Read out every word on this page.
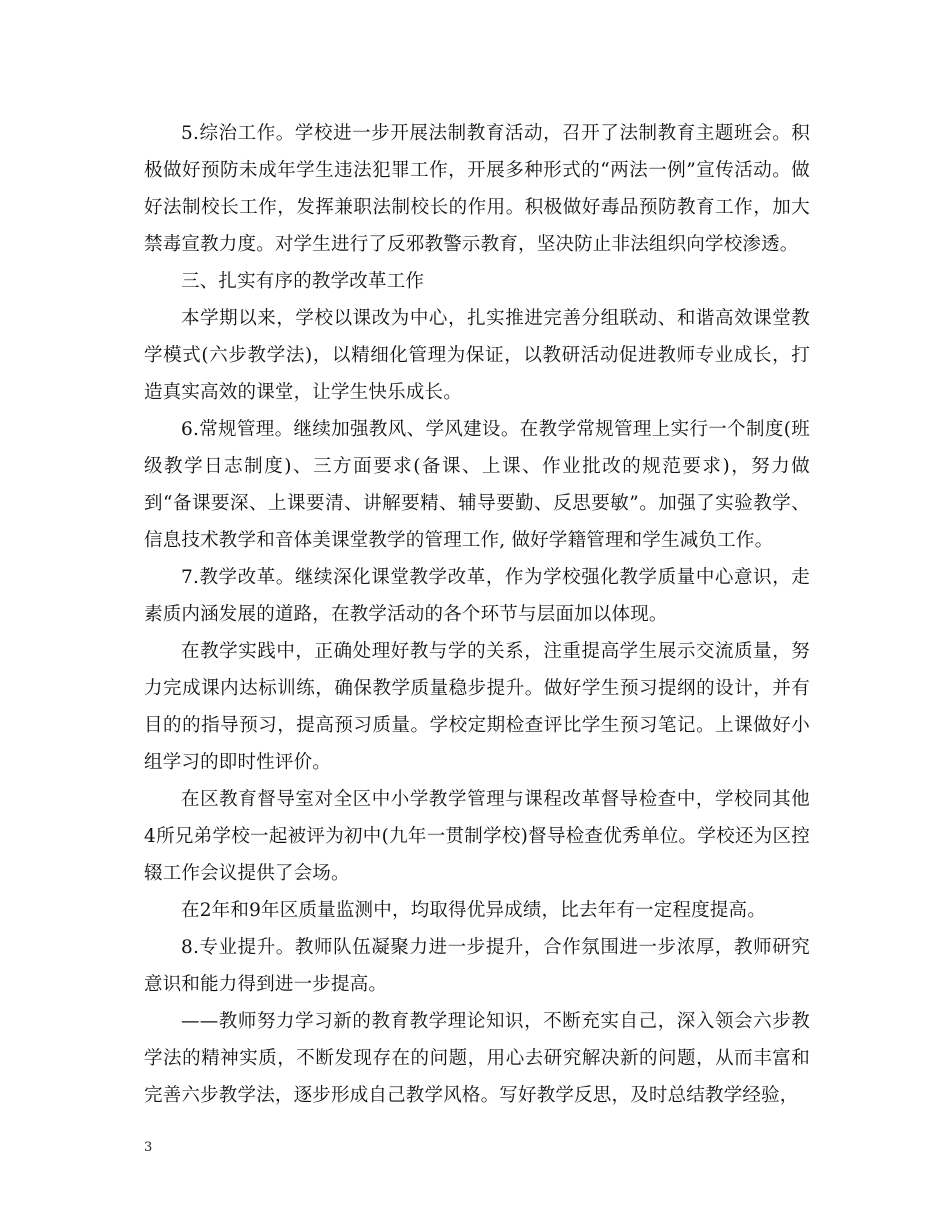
5.综治工作。学校进一步开展法制教育活动，召开了法制教育主题班会。积极做好预防未成年学生违法犯罪工作，开展多种形式的“两法一例”宣传活动。做好法制校长工作，发挥兼职法制校长的作用。积极做好毒品预防教育工作，加大禁毒宣教力度。对学生进行了反邪教警示教育，坚决防止非法组织向学校渗透。

三、扎实有序的教学改革工作

本学期以来，学校以课改为中心，扎实推进完善分组联动、和谐高效课堂教学模式(六步教学法)，以精细化管理为保证，以教研活动促进教师专业成长，打造真实高效的课堂，让学生快乐成长。

6.常规管理。继续加强教风、学风建设。在教学常规管理上实行一个制度(班级教学日志制度)、三方面要求(备课、上课、作业批改的规范要求)，努力做到“备课要深、上课要清、讲解要精、辅导要勤、反思要敏”。加强了实验教学、信息技术教学和音体美课堂教学的管理工作, 做好学籍管理和学生减负工作。

7.教学改革。继续深化课堂教学改革，作为学校强化教学质量中心意识，走素质内涵发展的道路，在教学活动的各个环节与层面加以体现。

在教学实践中，正确处理好教与学的关系，注重提高学生展示交流质量，努力完成课内达标训练，确保教学质量稳步提升。做好学生预习提纲的设计，并有目的的指导预习，提高预习质量。学校定期检查评比学生预习笔记。上课做好小组学习的即时性评价。

在区教育督导室对全区中小学教学管理与课程改革督导检查中，学校同其他4所兄弟学校一起被评为初中(九年一贯制学校)督导检查优秀单位。学校还为区控辍工作会议提供了会场。

在2年和9年区质量监测中，均取得优异成绩，比去年有一定程度提高。

8.专业提升。教师队伍凝聚力进一步提升，合作氛围进一步浓厚，教师研究意识和能力得到进一步提高。

——教师努力学习新的教育教学理论知识，不断充实自己，深入领会六步教学法的精神实质，不断发现存在的问题，用心去研究解决新的问题，从而丰富和完善六步教学法，逐步形成自己教学风格。写好教学反思，及时总结教学经验，

3
